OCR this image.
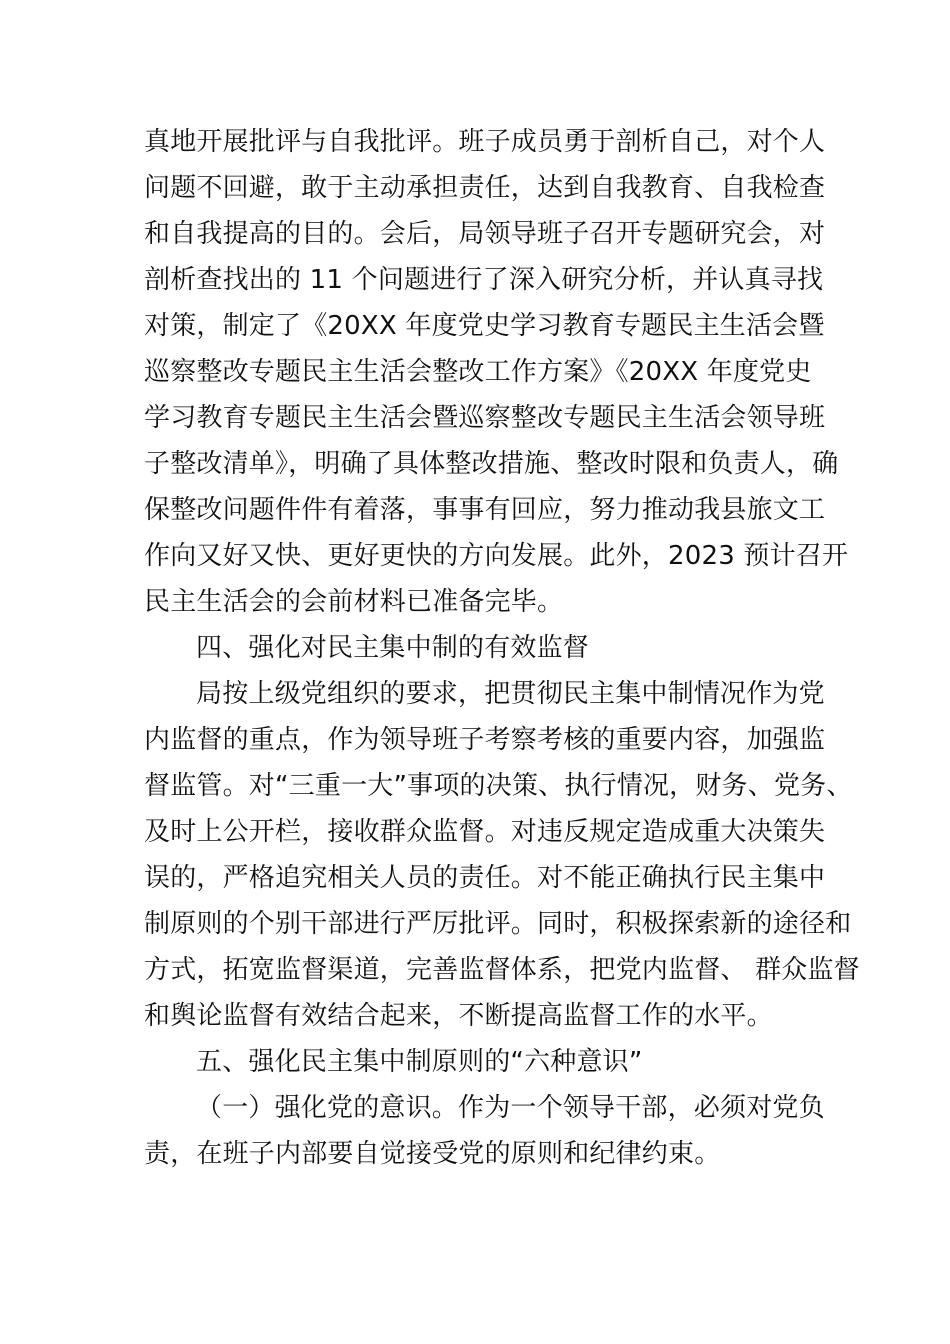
真地开展批评与自我批评。班子成员勇于剖析自己，对个人
问题不回避，敢于主动承担责任，达到自我教育、自我检查
和自我提高的目的。会后，局领导班子召开专题研究会，对
剖析查找出的 11 个问题进行了深入研究分析，并认真寻找
对策，制定了《20XX 年度党史学习教育专题民主生活会暨
巡察整改专题民主生活会整改工作方案》《20XX 年度党史
学习教育专题民主生活会暨巡察整改专题民主生活会领导班
子整改清单》，明确了具体整改措施、整改时限和负责人，确
保整改问题件件有着落，事事有回应，努力推动我县旅文工
作向又好又快、更好更快的方向发展。此外，2023 预计召开
民主生活会的会前材料已准备完毕。
四、强化对民主集中制的有效监督
局按上级党组织的要求，把贯彻民主集中制情况作为党
内监督的重点，作为领导班子考察考核的重要内容，加强监
督监管。对“三重一大”事项的决策、执行情况，财务、党务、
及时上公开栏，接收群众监督。对违反规定造成重大决策失
误的，严格追究相关人员的责任。对不能正确执行民主集中
制原则的个别干部进行严厉批评。同时，积极探索新的途径和
方式，拓宽监督渠道，完善监督体系，把党内监督、 群众监督
和舆论监督有效结合起来，不断提高监督工作的水平。
五、强化民主集中制原则的“六种意识”
（一）强化党的意识。作为一个领导干部，必须对党负
责，在班子内部要自觉接受党的原则和纪律约束。
